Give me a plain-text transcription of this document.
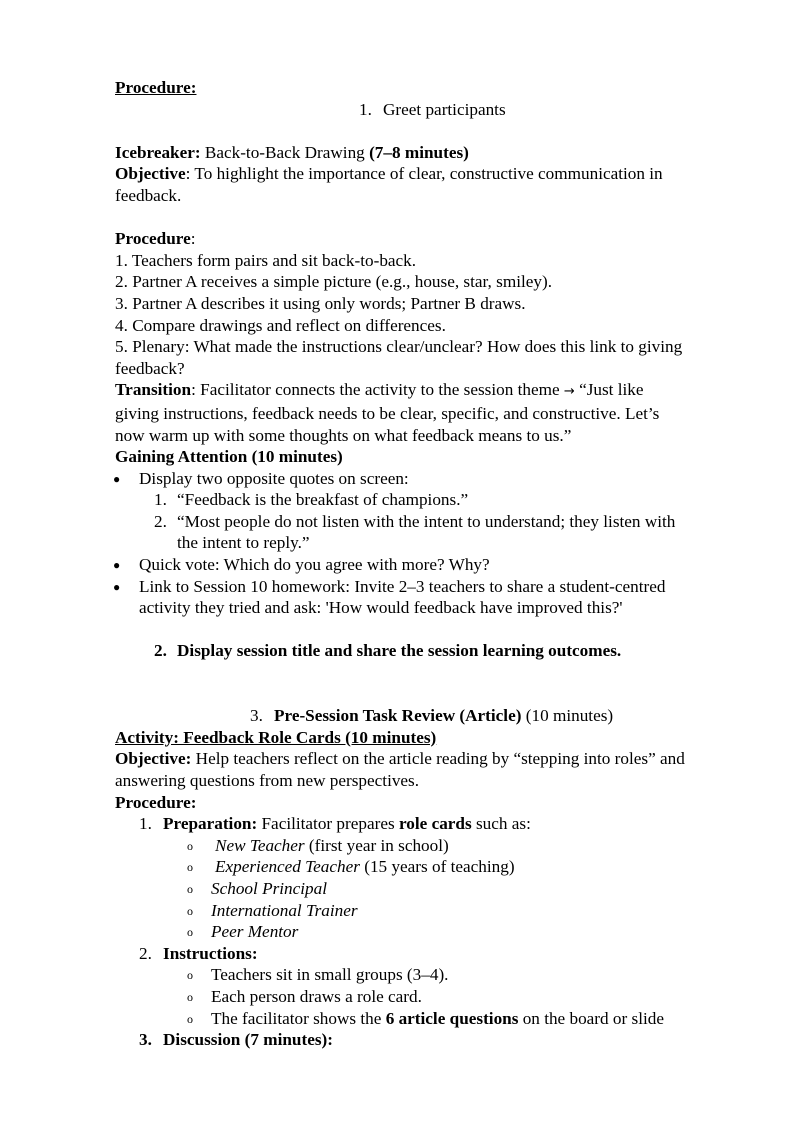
Procedure:
1. Greet participants
Icebreaker: Back-to-Back Drawing (7–8 minutes)
Objective: To highlight the importance of clear, constructive communication in
feedback.
Procedure:
1. Teachers form pairs and sit back-to-back.
2. Partner A receives a simple picture (e.g., house, star, smiley).
3. Partner A describes it using only words; Partner B draws.
4. Compare drawings and reflect on differences.
5. Plenary: What made the instructions clear/unclear? How does this link to giving
feedback?
Transition: Facilitator connects the activity to the session theme → “Just like
giving instructions, feedback needs to be clear, specific, and constructive. Let’s
now warm up with some thoughts on what feedback means to us.”
Gaining Attention (10 minutes)
● Display two opposite quotes on screen:
1. “Feedback is the breakfast of champions.”
2. “Most people do not listen with the intent to understand; they listen with
the intent to reply.”
● Quick vote: Which do you agree with more? Why?
● Link to Session 10 homework: Invite 2–3 teachers to share a student-centred
activity they tried and ask: 'How would feedback have improved this?'
2. Display session title and share the session learning outcomes.
3. Pre-Session Task Review (Article) (10 minutes)
Activity: Feedback Role Cards (10 minutes)
Objective: Help teachers reflect on the article reading by “stepping into roles” and
answering questions from new perspectives.
Procedure:
1. Preparation: Facilitator prepares role cards such as:
o New Teacher (first year in school)
o Experienced Teacher (15 years of teaching)
o School Principal
o International Trainer
o Peer Mentor
2. Instructions:
o Teachers sit in small groups (3–4).
o Each person draws a role card.
o The facilitator shows the 6 article questions on the board or slide
3. Discussion (7 minutes):
